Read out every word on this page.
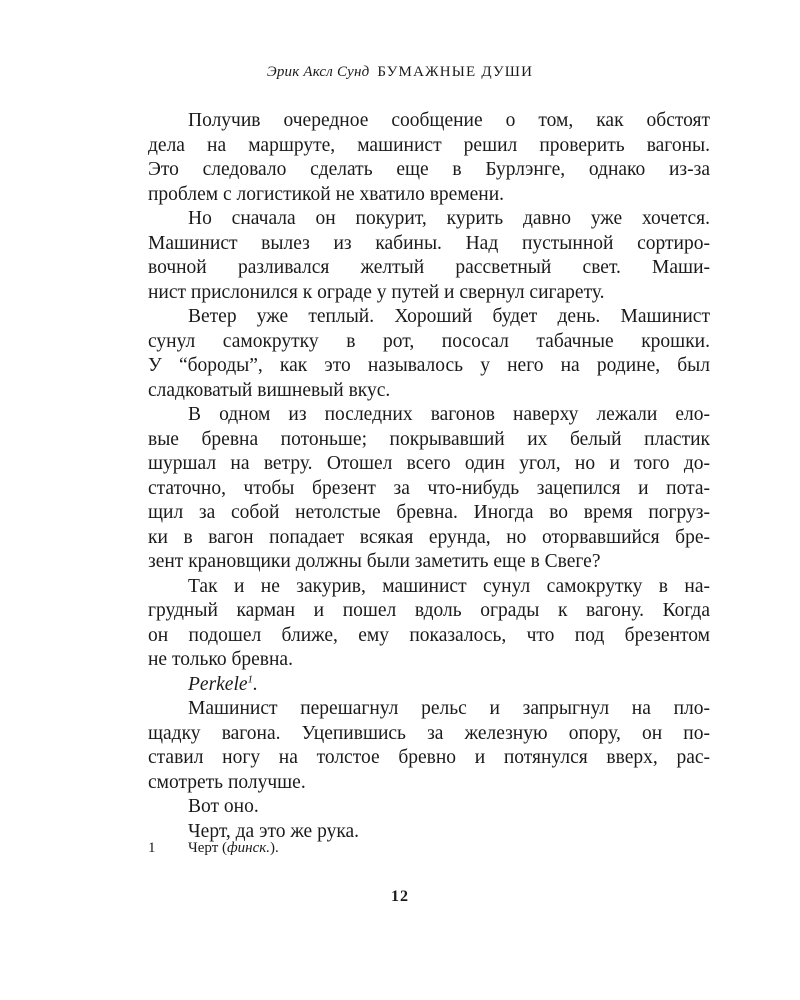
Эрик Аксл Сунд БУМАЖНЫЕ ДУШИ

Получив очередное сообщение о том, как обстоят
дела на маршруте, машинист решил проверить вагоны.
Это следовало сделать еще в Бурлэнге, однако из-за
проблем с логистикой не хватило времени.

Но сначала он покурит, курить давно уже хочется.
Машинист вылез из кабины. Над пустынной сортиро-
вочной разливался желтый рассветный свет. Маши-
нист прислонился к ограде у путей и свернул сигарету.

Ветер уже теплый. Хороший будет день. Машинист
сунул самокрутку в рот, пососал табачные крошки.
У “бороды”, как это называлось у него на родине, был
сладковатый вишневый вкус.

В одном из последних вагонов наверху лежали ело-
вые бревна потоньше; покрывавший их белый пластик
шуршал на ветру. Отошел всего один угол, но и того до-
статочно, чтобы брезент за что-нибудь зацепился и пота-
щил за собой нетолстые бревна. Иногда во время погруз-
ки в вагон попадает всякая ерунда, но оторвавшийся бре-
зент крановщики должны были заметить еще в Свеге?

Так и не закурив, машинист сунул самокрутку в на-
грудный карман и пошел вдоль ограды к вагону. Когда
он подошел ближе, ему показалось, что под брезентом
не только бревна.

Perkele$^1$.

Машинист перешагнул рельс и запрыгнул на пло-
щадку вагона. Уцепившись за железную опору, он по-
ставил ногу на толстое бревно и потянулся вверх, рас-
смотреть получше.

Вот оно.

Черт, да это же рука.

1 Черт (финск.).
12
